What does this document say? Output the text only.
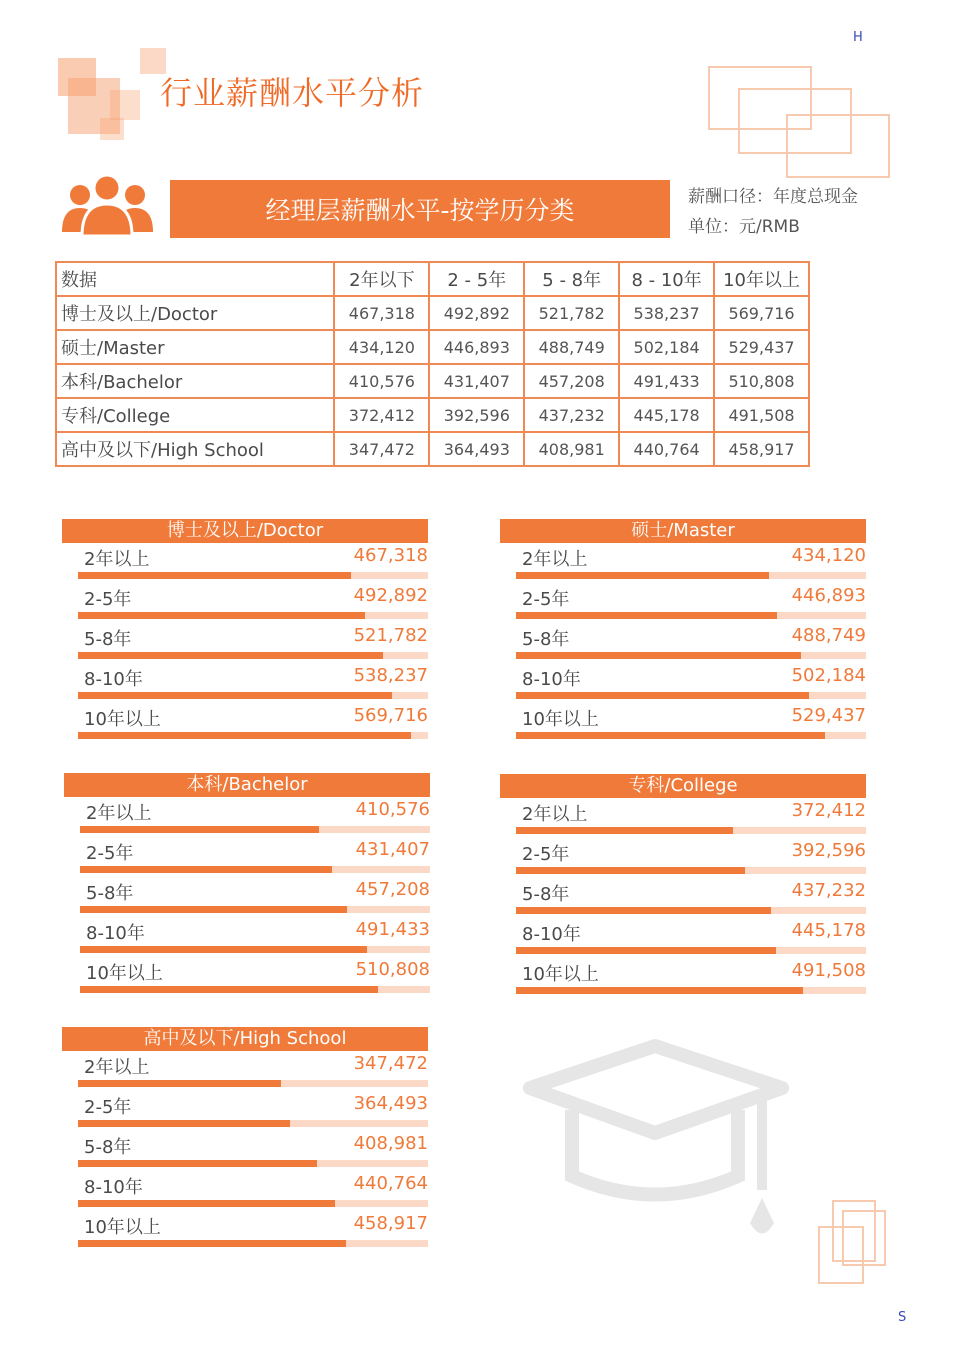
H
S
行业薪酬水平分析
经理层薪酬水平-按学历分类	薪酬口径：年度总现金
单位：元/RMB
数据	2年以下	2 - 5年	5 - 8年	8 - 10年	10年以上
博士及以上/Doctor	467,318	492,892	521,782	538,237	569,716
硕士/Master	434,120	446,893	488,749	502,184	529,437
本科/Bachelor	410,576	431,407	457,208	491,433	510,808
专科/College	372,412	392,596	437,232	445,178	491,508
高中及以下/High School	347,472	364,493	408,981	440,764	458,917
博士及以上/Doctor
2年以上	467,318
2-5年	492,892
5-8年	521,782
8-10年	538,237
10年以上	569,716
硕士/Master
2年以上	434,120
2-5年	446,893
5-8年	488,749
8-10年	502,184
10年以上	529,437
本科/Bachelor
2年以上	410,576
2-5年	431,407
5-8年	457,208
8-10年	491,433
10年以上	510,808
专科/College
2年以上	372,412
2-5年	392,596
5-8年	437,232
8-10年	445,178
10年以上	491,508
高中及以下/High School
2年以上	347,472
2-5年	364,493
5-8年	408,981
8-10年	440,764
10年以上	458,917
